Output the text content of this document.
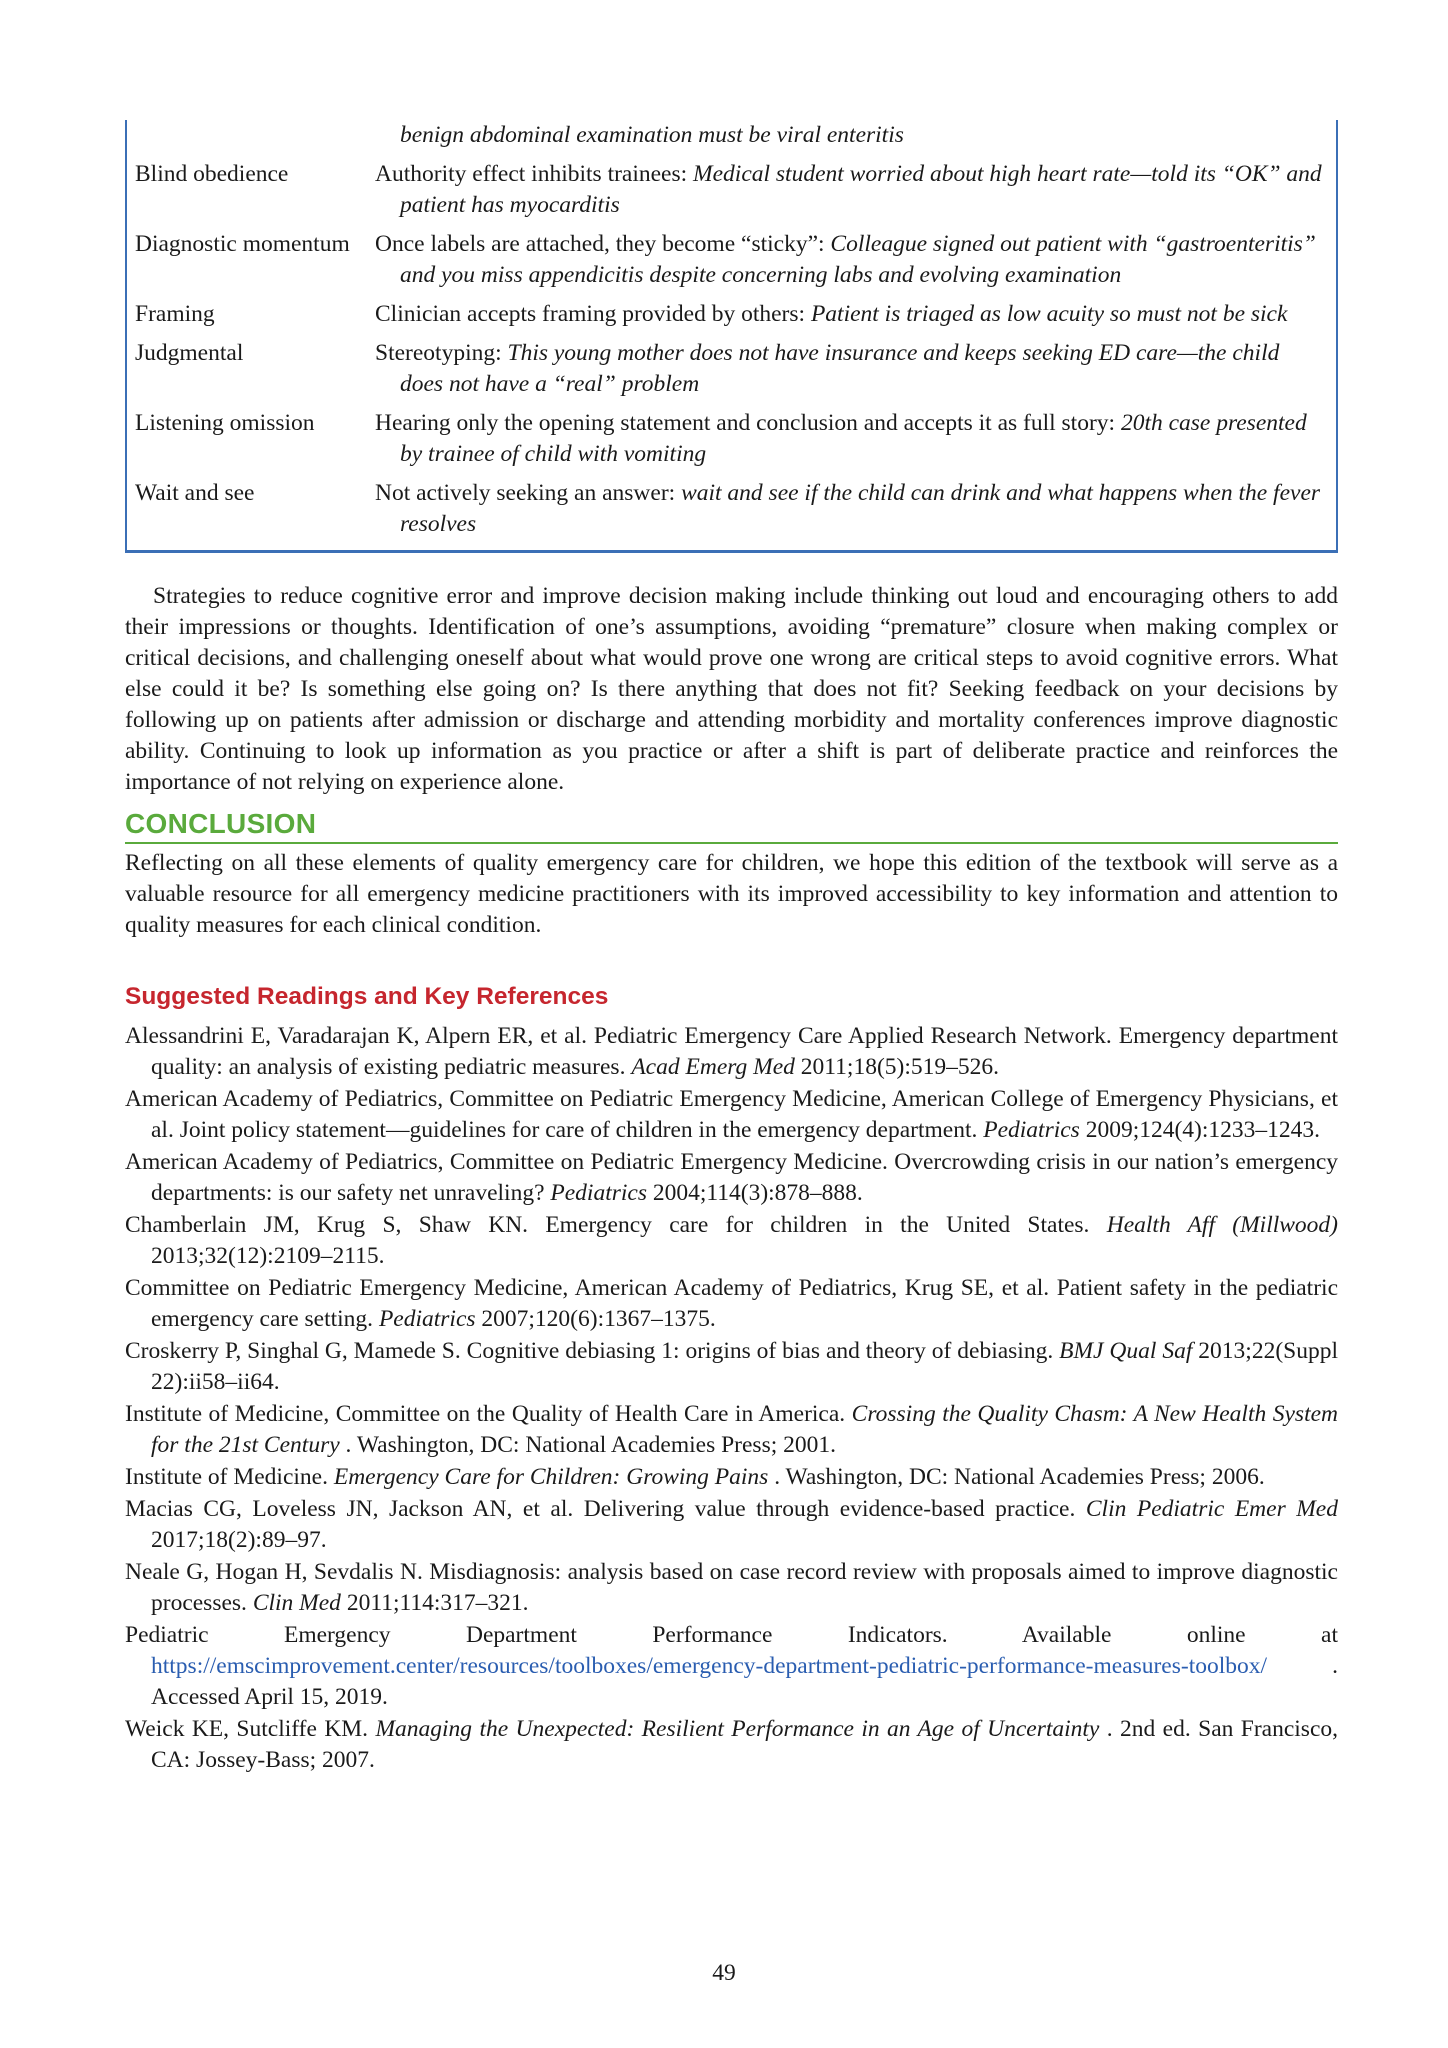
benign abdominal examination must be viral enteritis
Blind obedience	Authority effect inhibits trainees: Medical student worried about high heart rate—told its “OK” and patient has myocarditis
Diagnostic momentum	Once labels are attached, they become “sticky”: Colleague signed out patient with “gastroenteritis” and you miss appendicitis despite concerning labs and evolving examination
Framing	Clinician accepts framing provided by others: Patient is triaged as low acuity so must not be sick
Judgmental	Stereotyping: This young mother does not have insurance and keeps seeking ED care—the child does not have a “real” problem
Listening omission	Hearing only the opening statement and conclusion and accepts it as full story: 20th case presented by trainee of child with vomiting
Wait and see	Not actively seeking an answer: wait and see if the child can drink and what happens when the fever resolves

Strategies to reduce cognitive error and improve decision making include thinking out loud and encouraging others to add their impressions or thoughts. Identification of one’s assumptions, avoiding “premature” closure when making complex or critical decisions, and challenging oneself about what would prove one wrong are critical steps to avoid cognitive errors. What else could it be? Is something else going on? Is there anything that does not fit? Seeking feedback on your decisions by following up on patients after admission or discharge and attending morbidity and mortality conferences improve diagnostic ability. Continuing to look up information as you practice or after a shift is part of deliberate practice and reinforces the importance of not relying on experience alone.

CONCLUSION

Reflecting on all these elements of quality emergency care for children, we hope this edition of the textbook will serve as a valuable resource for all emergency medicine practitioners with its improved accessibility to key information and attention to quality measures for each clinical condition.

Suggested Readings and Key References

Alessandrini E, Varadarajan K, Alpern ER, et al. Pediatric Emergency Care Applied Research Network. Emergency department quality: an analysis of existing pediatric measures. Acad Emerg Med 2011;18(5):519–526.

American Academy of Pediatrics, Committee on Pediatric Emergency Medicine, American College of Emergency Physicians, et al. Joint policy statement—guidelines for care of children in the emergency department. Pediatrics 2009;124(4):1233–1243.

American Academy of Pediatrics, Committee on Pediatric Emergency Medicine. Overcrowding crisis in our nation’s emergency departments: is our safety net unraveling? Pediatrics 2004;114(3):878–888.

Chamberlain JM, Krug S, Shaw KN. Emergency care for children in the United States. Health Aff (Millwood) 2013;32(12):2109–2115.

Committee on Pediatric Emergency Medicine, American Academy of Pediatrics, Krug SE, et al. Patient safety in the pediatric emergency care setting. Pediatrics 2007;120(6):1367–1375.

Croskerry P, Singhal G, Mamede S. Cognitive debiasing 1: origins of bias and theory of debiasing. BMJ Qual Saf 2013;22(Suppl 22):ii58–ii64.

Institute of Medicine, Committee on the Quality of Health Care in America. Crossing the Quality Chasm: A New Health System for the 21st Century . Washington, DC: National Academies Press; 2001.

Institute of Medicine. Emergency Care for Children: Growing Pains . Washington, DC: National Academies Press; 2006.

Macias CG, Loveless JN, Jackson AN, et al. Delivering value through evidence-based practice. Clin Pediatric Emer Med 2017;18(2):89–97.

Neale G, Hogan H, Sevdalis N. Misdiagnosis: analysis based on case record review with proposals aimed to improve diagnostic processes. Clin Med 2011;114:317–321.

Pediatric Emergency Department Performance Indicators. Available online at https://emscimprovement.center/resources/toolboxes/emergency-department-pediatric-performance-measures-toolbox/ . Accessed April 15, 2019.

Weick KE, Sutcliffe KM. Managing the Unexpected: Resilient Performance in an Age of Uncertainty . 2nd ed. San Francisco, CA: Jossey-Bass; 2007.

49
